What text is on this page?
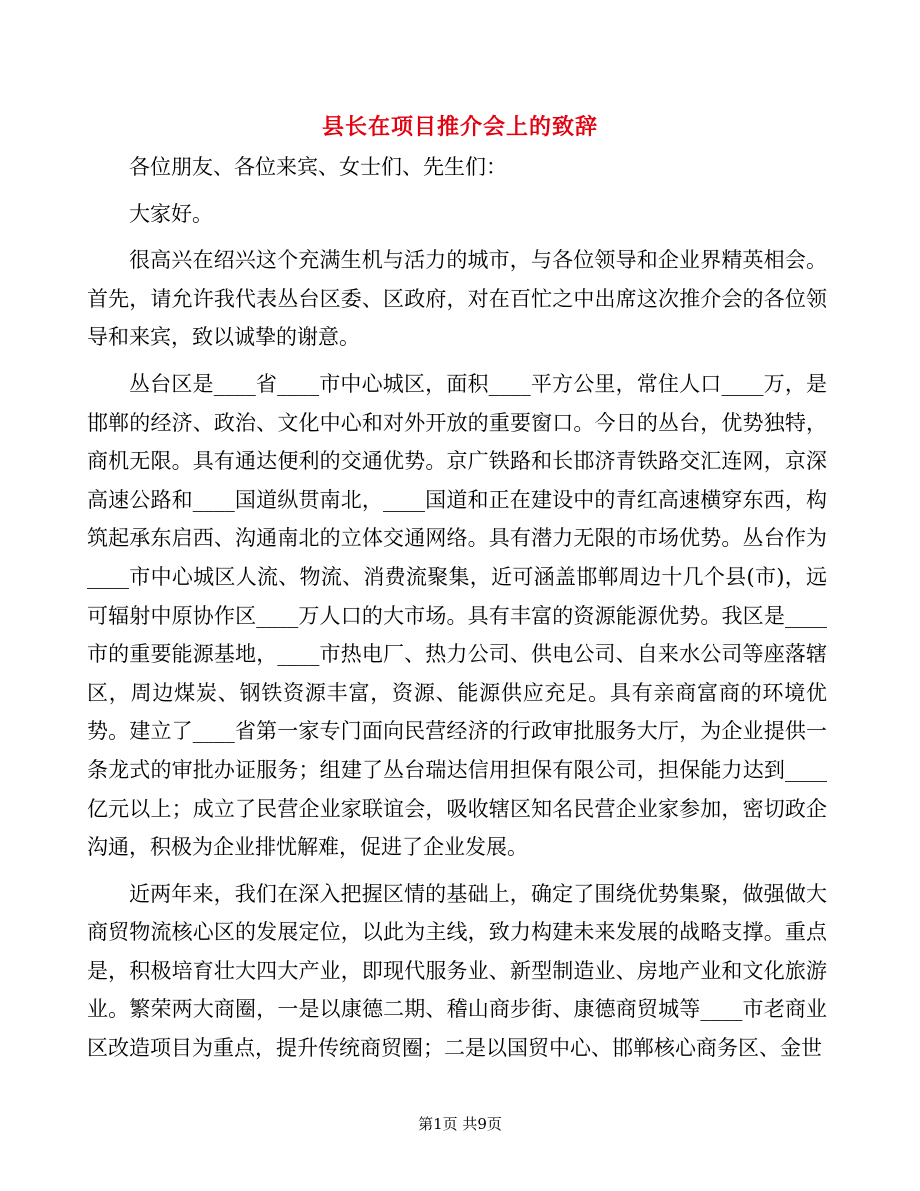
县长在项目推介会上的致辞

各位朋友、各位来宾、女士们、先生们：

大家好。

很高兴在绍兴这个充满生机与活力的城市，与各位领导和企业界精英相会。首先，请允许我代表丛台区委、区政府，对在百忙之中出席这次推介会的各位领导和来宾，致以诚挚的谢意。

丛台区是____省____市中心城区，面积____平方公里，常住人口____万，是邯郸的经济、政治、文化中心和对外开放的重要窗口。今日的丛台，优势独特，商机无限。具有通达便利的交通优势。京广铁路和长邯济青铁路交汇连网，京深高速公路和____国道纵贯南北，____国道和正在建设中的青红高速横穿东西，构筑起承东启西、沟通南北的立体交通网络。具有潜力无限的市场优势。丛台作为____市中心城区人流、物流、消费流聚集，近可涵盖邯郸周边十几个县(市)，远可辐射中原协作区____万人口的大市场。具有丰富的资源能源优势。我区是____市的重要能源基地，____市热电厂、热力公司、供电公司、自来水公司等座落辖区，周边煤炭、钢铁资源丰富，资源、能源供应充足。具有亲商富商的环境优势。建立了____省第一家专门面向民营经济的行政审批服务大厅，为企业提供一条龙式的审批办证服务；组建了丛台瑞达信用担保有限公司，担保能力达到____亿元以上；成立了民营企业家联谊会，吸收辖区知名民营企业家参加，密切政企沟通，积极为企业排忧解难，促进了企业发展。

近两年来，我们在深入把握区情的基础上，确定了围绕优势集聚，做强做大商贸物流核心区的发展定位，以此为主线，致力构建未来发展的战略支撑。重点是，积极培育壮大四大产业，即现代服务业、新型制造业、房地产业和文化旅游业。繁荣两大商圈，一是以康德二期、稽山商步街、康德商贸城等____市老商业区改造项目为重点，提升传统商贸圈；二是以国贸中心、邯郸核心商务区、金世

第1页 共9页
